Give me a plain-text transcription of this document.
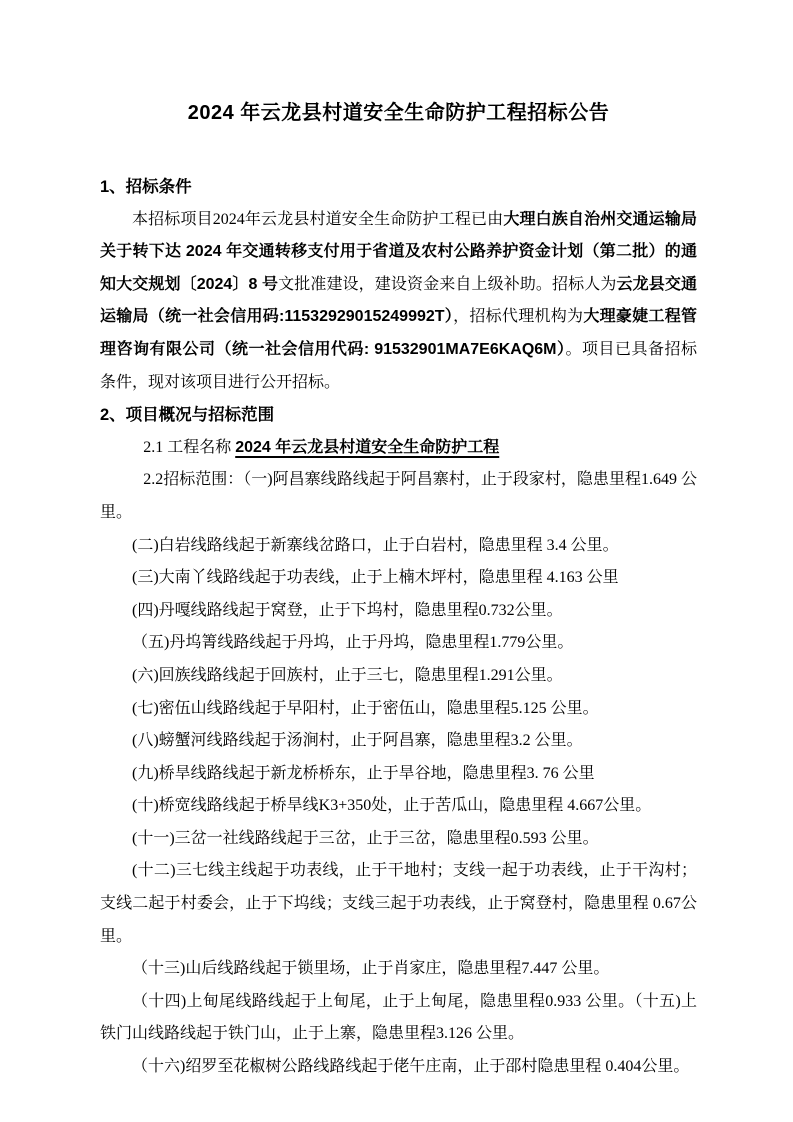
2024 年云龙县村道安全生命防护工程招标公告
1、招标条件

本招标项目2024年云龙县村道安全生命防护工程已由大理白族自治州交通运输局关于转下达 2024 年交通转移支付用于省道及农村公路养护资金计划（第二批）的通知大交规划〔2024〕8 号文批准建设，建设资金来自上级补助。招标人为云龙县交通运输局（统一社会信用码:11532929015249992T），招标代理机构为大理豪婕工程管理咨询有限公司（统一社会信用代码: 91532901MA7E6KAQ6M）。项目已具备招标条件，现对该项目进行公开招标。

2、项目概况与招标范围

2.1 工程名称 2024 年云龙县村道安全生命防护工程

2.2招标范围：（一)阿昌寨线路线起于阿昌寨村，止于段家村，隐患里程1.649 公里。

(二)白岩线路线起于新寨线岔路口，止于白岩村，隐患里程 3.4 公里。

(三)大南丫线路线起于功表线，止于上楠木坪村，隐患里程 4.163 公里

(四)丹嘎线路线起于窝登，止于下坞村，隐患里程0.732公里。

（五)丹坞箐线路线起于丹坞，止于丹坞，隐患里程1.779公里。

(六)回族线路线起于回族村，止于三七，隐患里程1.291公里。

(七)密伍山线路线起于早阳村，止于密伍山，隐患里程5.125 公里。

(八)螃蟹河线路线起于汤涧村，止于阿昌寨，隐患里程3.2 公里。

(九)桥旱线路线起于新龙桥桥东，止于旱谷地，隐患里程3. 76 公里

(十)桥宽线路线起于桥旱线K3+350处，止于苦瓜山，隐患里程 4.667公里。

(十一)三岔一社线路线起于三岔，止于三岔，隐患里程0.593 公里。

(十二)三七线主线起于功表线，止于干地村；支线一起于功表线，止于干沟村；支线二起于村委会，止于下坞线；支线三起于功表线，止于窝登村，隐患里程 0.67公里。

（十三)山后线路线起于锁里场，止于肖家庄，隐患里程7.447 公里。

（十四)上甸尾线路线起于上甸尾，止于上甸尾，隐患里程0.933 公里。（十五)上铁门山线路线起于铁门山，止于上寨，隐患里程3.126 公里。

（十六)绍罗至花椒树公路线路线起于佬午庄南，止于邵村隐患里程 0.404公里。
